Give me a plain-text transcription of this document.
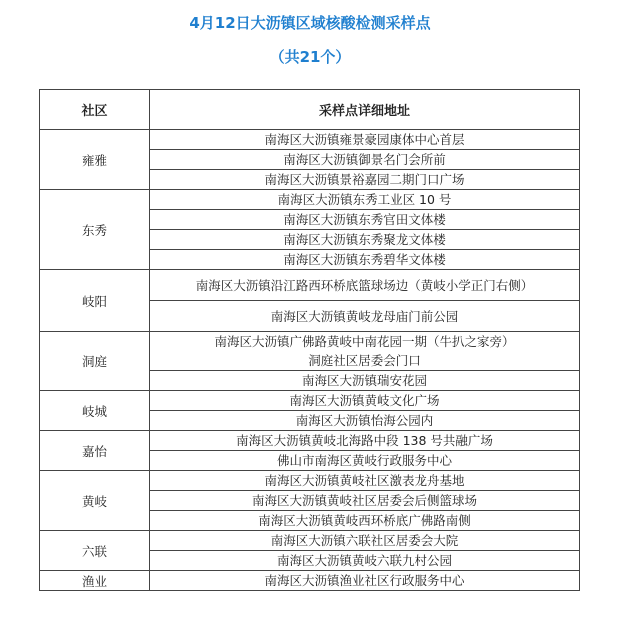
4月12日大沥镇区域核酸检测采样点
（共21个）
社区	采样点详细地址
雍雅	南海区大沥镇雍景豪园康体中心首层
	南海区大沥镇御景名门会所前
	南海区大沥镇景裕嘉园二期门口广场
东秀	南海区大沥镇东秀工业区 10 号
	南海区大沥镇东秀官田文体楼
	南海区大沥镇东秀聚龙文体楼
	南海区大沥镇东秀碧华文体楼
岐阳	南海区大沥镇沿江路西环桥底篮球场边（黄岐小学正门右侧）
	南海区大沥镇黄岐龙母庙门前公园
洞庭	南海区大沥镇广佛路黄岐中南花园一期（牛扒之家旁）
	洞庭社区居委会门口
	南海区大沥镇瑞安花园
岐城	南海区大沥镇黄岐文化广场
	南海区大沥镇怡海公园内
嘉怡	南海区大沥镇黄岐北海路中段 138 号共融广场
	佛山市南海区黄岐行政服务中心
黄岐	南海区大沥镇黄岐社区激表龙舟基地
	南海区大沥镇黄岐社区居委会后侧篮球场
	南海区大沥镇黄岐西环桥底广佛路南侧
六联	南海区大沥镇六联社区居委会大院
	南海区大沥镇黄岐六联九村公园
渔业	南海区大沥镇渔业社区行政服务中心
